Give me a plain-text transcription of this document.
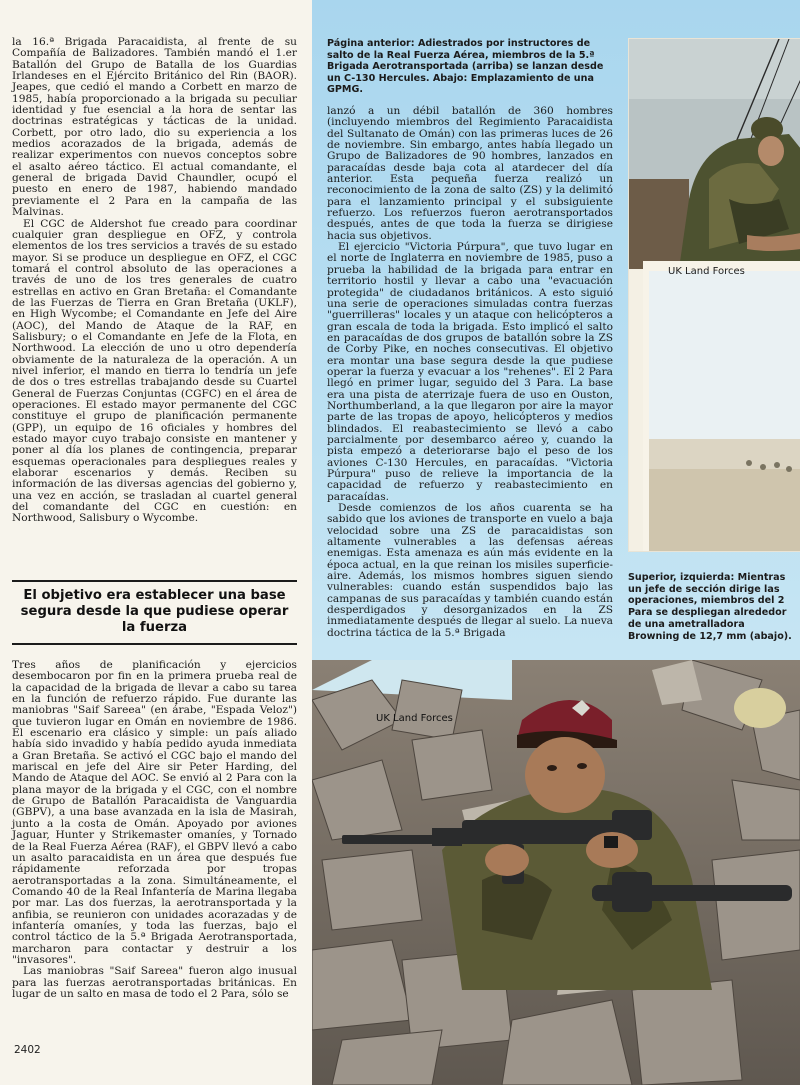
la 16.ª Brigada Paracaidista, al frente de su Compañía de Balizadores. También mandó el 1.er Batallón del Grupo de Batalla de los Guardias Irlandeses en el Ejército Británico del Rin (BAOR). Jeapes, que cedió el mando a Corbett en marzo de 1985, había proporcionado a la brigada su peculiar identidad y fue esencial a la hora de sentar las doctrinas estratégicas y tácticas de la unidad. Corbett, por otro lado, dio su experiencia a los medios acorazados de la brigada, además de realizar experimentos con nuevos conceptos sobre el asalto aéreo táctico. El actual comandante, el general de brigada David Chaundler, ocupó el puesto en enero de 1987, habiendo mandado previamente el 2 Para en la campaña de las Malvinas.

El CGC de Aldershot fue creado para coordinar cualquier gran despliegue en OFZ, y controla elementos de los tres servicios a través de su estado mayor. Si se produce un despliegue en OFZ, el CGC tomará el control absoluto de las operaciones a través de uno de los tres generales de cuatro estrellas en activo en Gran Bretaña: el Comandante de las Fuerzas de Tierra en Gran Bretaña (UKLF), en High Wycombe; el Comandante en Jefe del Aire (AOC), del Mando de Ataque de la RAF, en Salisbury; o el Comandante en Jefe de la Flota, en Northwood. La elección de uno u otro dependería obviamente de la naturaleza de la operación. A un nivel inferior, el mando en tierra lo tendría un jefe de dos o tres estrellas trabajando desde su Cuartel General de Fuerzas Conjuntas (CGFC) en el área de operaciones. El estado mayor permanente del CGC constituye el grupo de planificación permanente (GPP), un equipo de 16 oficiales y hombres del estado mayor cuyo trabajo consiste en mantener y poner al día los planes de contingencia, preparar esquemas operacionales para despliegues reales y elaborar escenarios y demás. Reciben su información de las diversas agencias del gobierno y, una vez en acción, se trasladan al cuartel general del comandante del CGC en cuestión: en Northwood, Salisbury o Wycombe.

El objetivo era establecer una base segura desde la que pudiese operar la fuerza

Tres años de planificación y ejercicios desembocaron por fin en la primera prueba real de la capacidad de la brigada de llevar a cabo su tarea en la función de refuerzo rápido. Fue durante las maniobras "Saif Sareea" (en árabe, "Espada Veloz") que tuvieron lugar en Omán en noviembre de 1986. El escenario era clásico y simple: un país aliado había sido invadido y había pedido ayuda inmediata a Gran Bretaña. Se activó el CGC bajo el mando del mariscal en jefe del Aire sir Peter Harding, del Mando de Ataque del AOC. Se envió al 2 Para con la plana mayor de la brigada y el CGC, con el nombre de Grupo de Batallón Paracaidista de Vanguardia (GBPV), a una base avanzada en la isla de Masirah, junto a la costa de Omán. Apoyado por aviones Jaguar, Hunter y Strikemaster omaníes, y Tornado de la Real Fuerza Aérea (RAF), el GBPV llevó a cabo un asalto paracaidista en un área que después fue rápidamente reforzada por tropas aerotransportadas a la zona. Simultáneamente, el Comando 40 de la Real Infantería de Marina llegaba por mar. Las dos fuerzas, la aerotransportada y la anfibia, se reunieron con unidades acorazadas y de infantería omaníes, y toda las fuerzas, bajo el control táctico de la 5.ª Brigada Aerotransportada, marcharon para contactar y destruir a los "invasores".

Las maniobras "Saif Sareea" fueron algo inusual para las fuerzas aerotransportadas británicas. En lugar de un salto en masa de todo el 2 Para, sólo se

2402
Página anterior: Adiestrados por instructores de salto de la Real Fuerza Aérea, miembros de la 5.ª Brigada Aerotransportada (arriba) se lanzan desde un C-130 Hercules. Abajo: Emplazamiento de una GPMG.

lanzó a un débil batallón de 360 hombres (incluyendo miembros del Regimiento Paracaidista del Sultanato de Omán) con las primeras luces de 26 de noviembre. Sin embargo, antes había llegado un Grupo de Balizadores de 90 hombres, lanzados en paracaídas desde baja cota al atardecer del día anterior. Esta pequeña fuerza realizó un reconocimiento de la zona de salto (ZS) y la delimitó para el lanzamiento principal y el subsiguiente refuerzo. Los refuerzos fueron aerotransportados después, antes de que toda la fuerza se dirigiese hacia sus objetivos.

El ejercicio "Victoria Púrpura", que tuvo lugar en el norte de Inglaterra en noviembre de 1985, puso a prueba la habilidad de la brigada para entrar en territorio hostil y llevar a cabo una "evacuación protegida" de ciudadanos británicos. A esto siguió una serie de operaciones simuladas contra fuerzas "guerrilleras" locales y un ataque con helicópteros a gran escala de toda la brigada. Esto implicó el salto en paracaídas de dos grupos de batallón sobre la ZS de Corby Pike, en noches consecutivas. El objetivo era montar una base segura desde la que pudiese operar la fuerza y evacuar a los "rehenes". El 2 Para llegó en primer lugar, seguido del 3 Para. La base era una pista de aterrizaje fuera de uso en Ouston, Northumberland, a la que llegaron por aire la mayor parte de las tropas de apoyo, helicópteros y medios blindados. El reabastecimiento se llevó a cabo parcialmente por desembarco aéreo y, cuando la pista empezó a deteriorarse bajo el peso de los aviones C-130 Hercules, en paracaídas. "Victoria Púrpura" puso de relieve la importancia de la capacidad de refuerzo y reabastecimiento en paracaídas.

Desde comienzos de los años cuarenta se ha sabido que los aviones de transporte en vuelo a baja velocidad sobre una ZS de paracaidistas son altamente vulnerables a las defensas aéreas enemigas. Esta amenaza es aún más evidente en la época actual, en la que reinan los misiles superficie-aire. Además, los mismos hombres siguen siendo vulnerables: cuando están suspendidos bajo las campanas de sus paracaídas y también cuando están desperdigados y desorganizados en la ZS inmediatamente después de llegar al suelo. La nueva doctrina táctica de la 5.ª Brigada

UK Land Forces
Superior, izquierda: Mientras un jefe de sección dirige las operaciones, miembros del 2 Para se despliegan alrededor de una ametralladora Browning de 12,7 mm (abajo).
UK Land Forces
